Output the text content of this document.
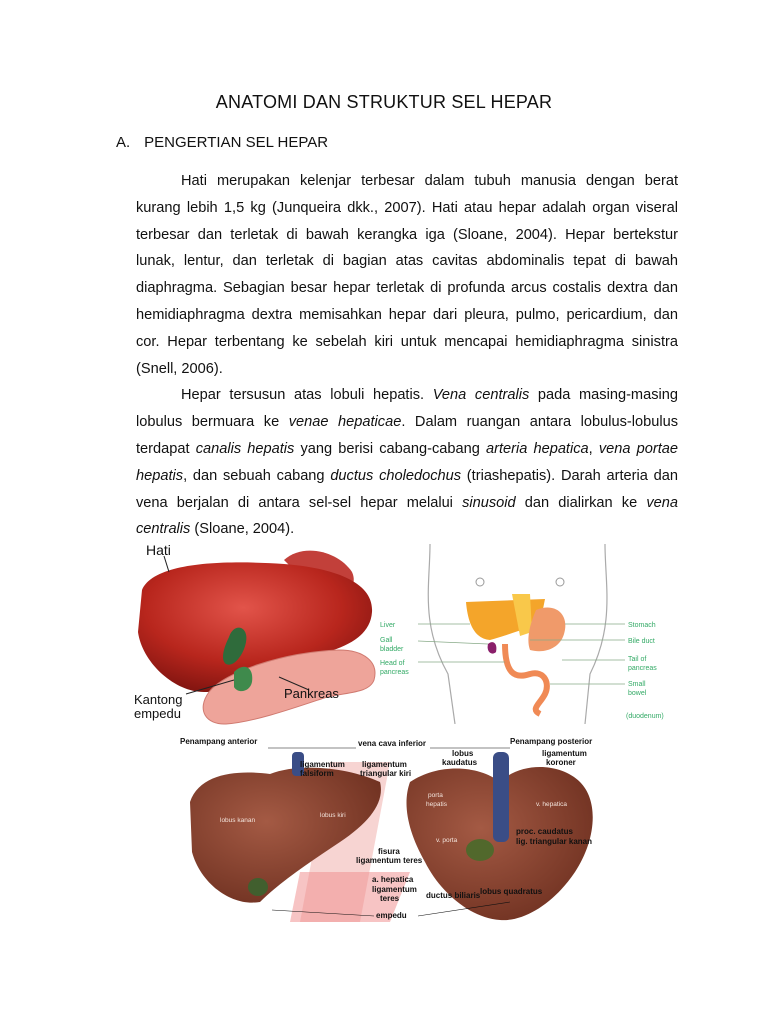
ANATOMI DAN STRUKTUR SEL HEPAR
A. PENGERTIAN SEL HEPAR

Hati merupakan kelenjar terbesar dalam tubuh manusia dengan berat kurang lebih 1,5 kg (Junqueira dkk., 2007). Hati atau hepar adalah organ viseral terbesar dan terletak di bawah kerangka iga (Sloane, 2004). Hepar bertekstur lunak, lentur, dan terletak di bagian atas cavitas abdominalis tepat di bawah diaphragma. Sebagian besar hepar terletak di profunda arcus costalis dextra dan hemidiaphragma dextra memisahkan hepar dari pleura, pulmo, pericardium, dan cor. Hepar terbentang ke sebelah kiri untuk mencapai hemidiaphragma sinistra (Snell, 2006).

Hepar tersusun atas lobuli hepatis. Vena centralis pada masing-masing lobulus bermuara ke venae hepaticae. Dalam ruangan antara lobulus-lobulus terdapat canalis hepatis yang berisi cabang-cabang arteria hepatica, vena portae hepatis, dan sebuah cabang ductus choledochus (triashepatis). Darah arteria dan vena berjalan di antara sel-sel hepar melalui sinusoid dan dialirkan ke vena centralis (Sloane, 2004).

Hati
Kantong
empedu
Pankreas
Liver
Gall
bladder
Head of
pancreas
Stomach
Bile duct
Tail of
pancreas
Small
bowel
(duodenum)
Penampang anterior	Penampang posterior
vena cava inferior
ligamentum
falsiform
ligamentum
triangular kiri
lobus
kaudatus
ligamentum
koroner
fisura
ligamentum teres
proc. caudatus
lig. triangular kanan
a. hepatica
ligamentum
teres	ductus biliaris lobus quadratus
empedu
lobus kanan
lobus kiri
porta
hepatis	v. hepatica
v. porta
